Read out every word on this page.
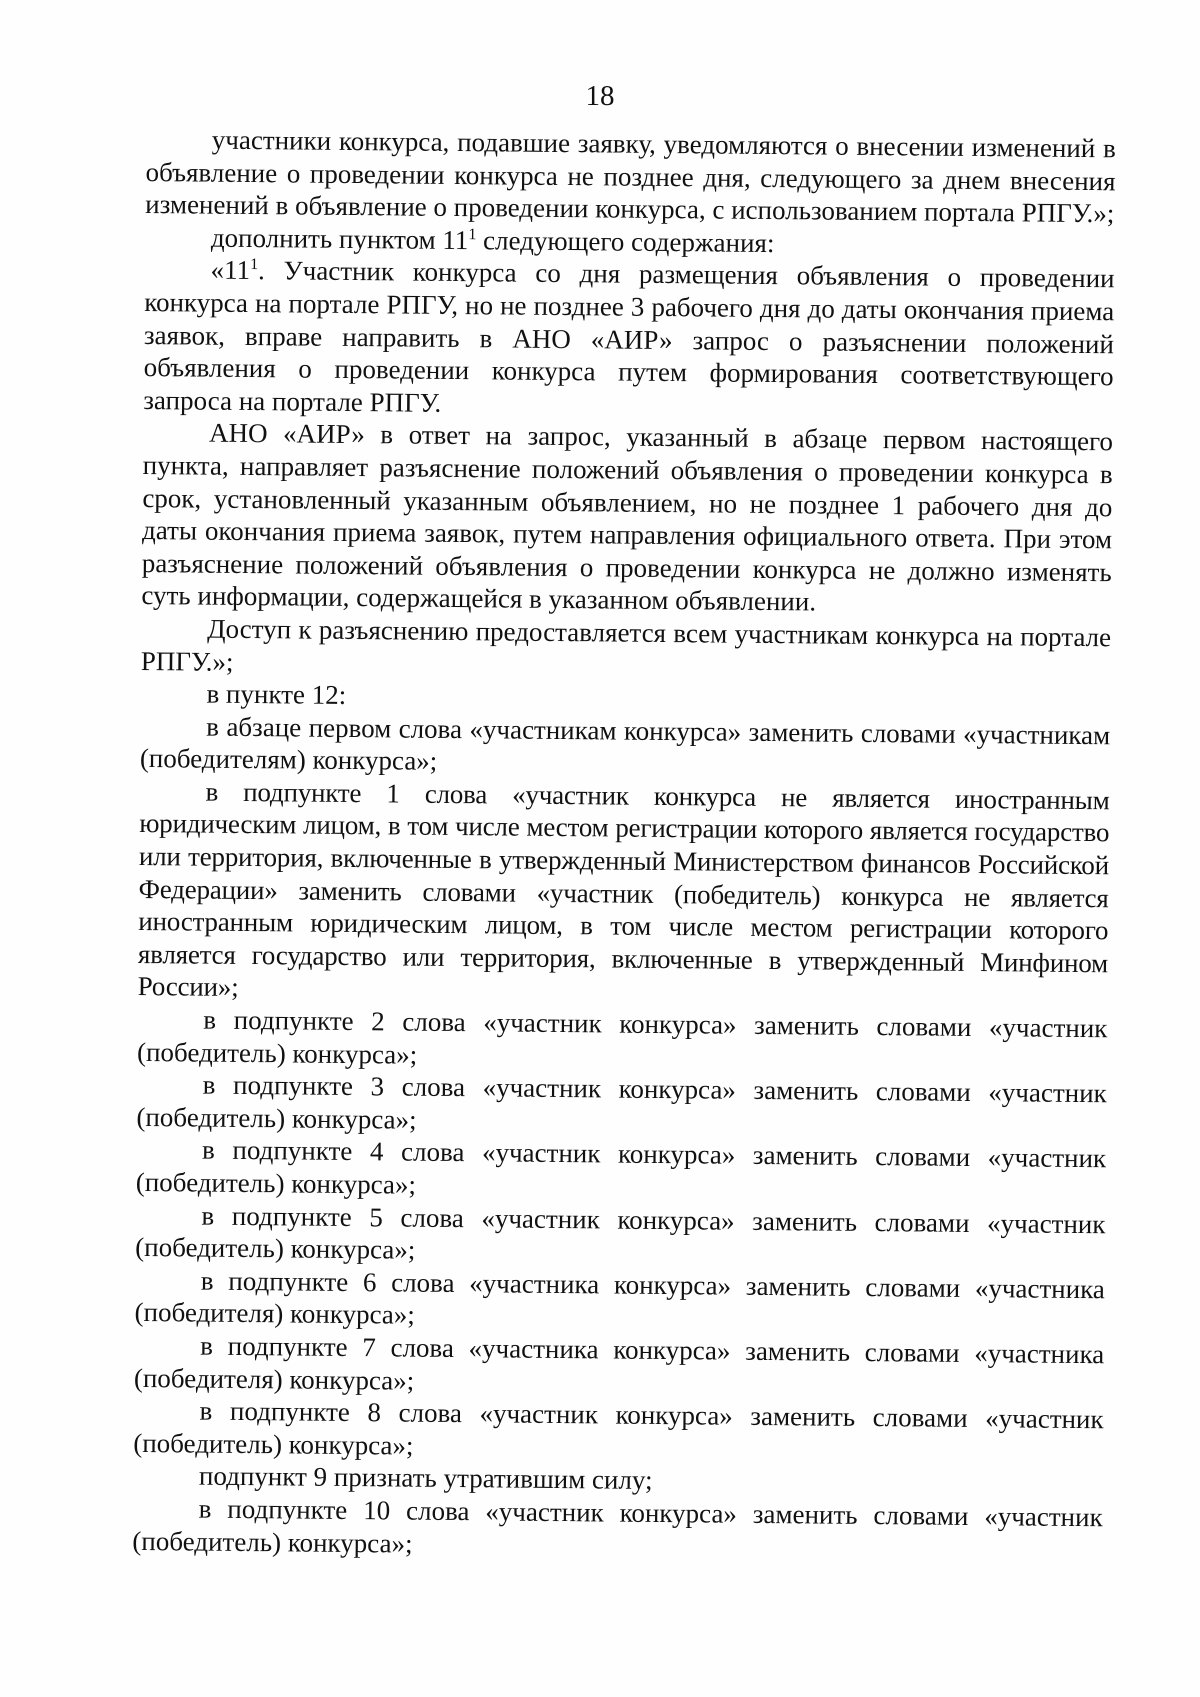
18

участники конкурса, подавшие заявку, уведомляются о внесении изменений в объявление о проведении конкурса не позднее дня, следующего за днем внесения изменений в объявление о проведении конкурса, с использованием портала РПГУ.»;

дополнить пунктом $11^1$ следующего содержания:

«$11^1$. Участник конкурса со дня размещения объявления о проведении конкурса на портале РПГУ, но не позднее 3 рабочего дня до даты окончания приема заявок, вправе направить в АНО «АИР» запрос о разъяснении положений объявления о проведении конкурса путем формирования соответствующего запроса на портале РПГУ.

АНО «АИР» в ответ на запрос, указанный в абзаце первом настоящего пункта, направляет разъяснение положений объявления о проведении конкурса в срок, установленный указанным объявлением, но не позднее 1 рабочего дня до даты окончания приема заявок, путем направления официального ответа. При этом разъяснение положений объявления о проведении конкурса не должно изменять суть информации, содержащейся в указанном объявлении.

Доступ к разъяснению предоставляется всем участникам конкурса на портале РПГУ.»;

в пункте 12:

в абзаце первом слова «участникам конкурса» заменить словами «участникам (победителям) конкурса»;

в подпункте 1 слова «участник конкурса не является иностранным юридическим лицом, в том числе местом регистрации которого является государство или территория, включенные в утвержденный Министерством финансов Российской Федерации» заменить словами «участник (победитель) конкурса не является иностранным юридическим лицом, в том числе местом регистрации которого является государство или территория, включенные в утвержденный Минфином России»;

в подпункте 2 слова «участник конкурса» заменить словами «участник (победитель) конкурса»;

в подпункте 3 слова «участник конкурса» заменить словами «участник (победитель) конкурса»;

в подпункте 4 слова «участник конкурса» заменить словами «участник (победитель) конкурса»;

в подпункте 5 слова «участник конкурса» заменить словами «участник (победитель) конкурса»;

в подпункте 6 слова «участника конкурса» заменить словами «участника (победителя) конкурса»;

в подпункте 7 слова «участника конкурса» заменить словами «участника (победителя) конкурса»;

в подпункте 8 слова «участник конкурса» заменить словами «участник (победитель) конкурса»;

подпункт 9 признать утратившим силу;

в подпункте 10 слова «участник конкурса» заменить словами «участник (победитель) конкурса»;
